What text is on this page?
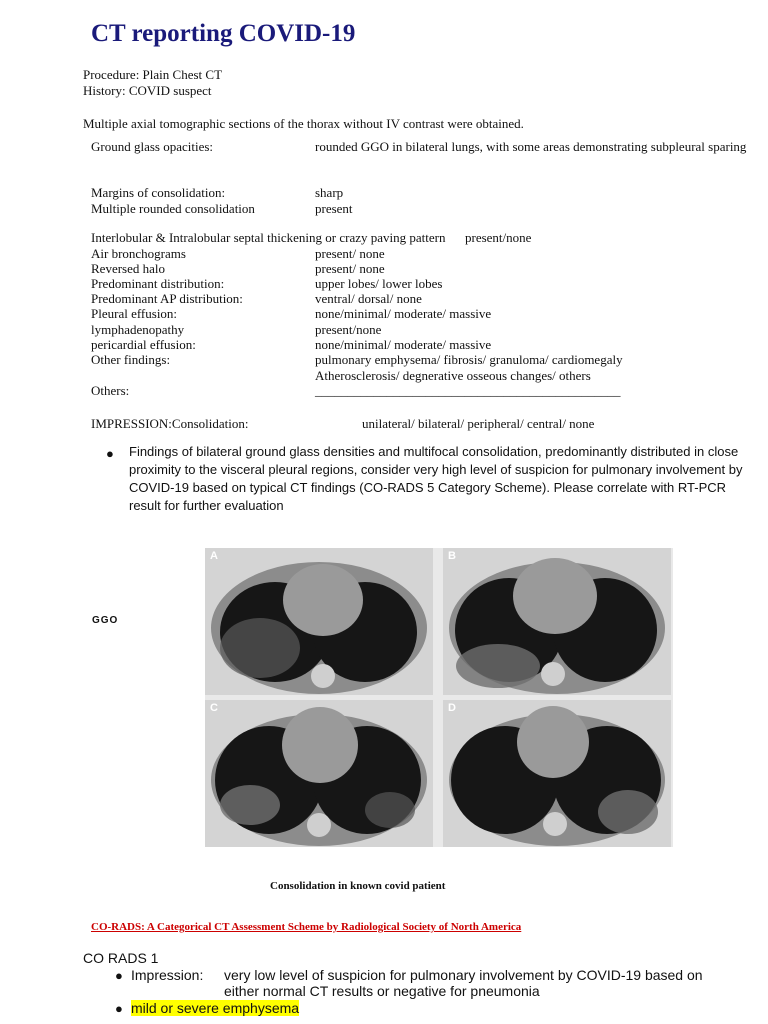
CT reporting COVID-19
Procedure: Plain Chest CT
History: COVID suspect
Multiple axial tomographic sections of the thorax without IV contrast were obtained.
Ground glass opacities:	rounded GGO in bilateral lungs, with some areas demonstrating subpleural sparing
Margins of consolidation:	sharp
Multiple rounded consolidation	present
Interlobular & Intralobular septal thickening or crazy paving pattern present/none
Air bronchograms	present/ none
Reversed halo	present/ none
Predominant distribution:	upper lobes/ lower lobes
Predominant AP distribution:	ventral/ dorsal/ none
Pleural effusion:	none/minimal/ moderate/ massive
lymphadenopathy	present/none
pericardial effusion:	none/minimal/ moderate/ massive
Other findings:	pulmonary emphysema/ fibrosis/ granuloma/ cardiomegaly
Atherosclerosis/ degnerative osseous changes/ others
Others:	_______________________________________________
IMPRESSION:Consolidation:	unilateral/ bilateral/ peripheral/ central/ none
● Findings of bilateral ground glass densities and multifocal consolidation, predominantly distributed in close proximity to the visceral pleural regions, consider very high level of suspicion for pulmonary involvement by COVID-19 based on typical CT findings (CO-RADS 5 Category Scheme). Please correlate with RT-PCR result for further evaluation
GGO
A	B
C	D
Consolidation in known covid patient
CO-RADS: A Categorical CT Assessment Scheme by Radiological Society of North America
CO RADS 1
● Impression: very low level of suspicion for pulmonary involvement by COVID-19 based on either normal CT results or negative for pneumonia
● mild or severe emphysema
